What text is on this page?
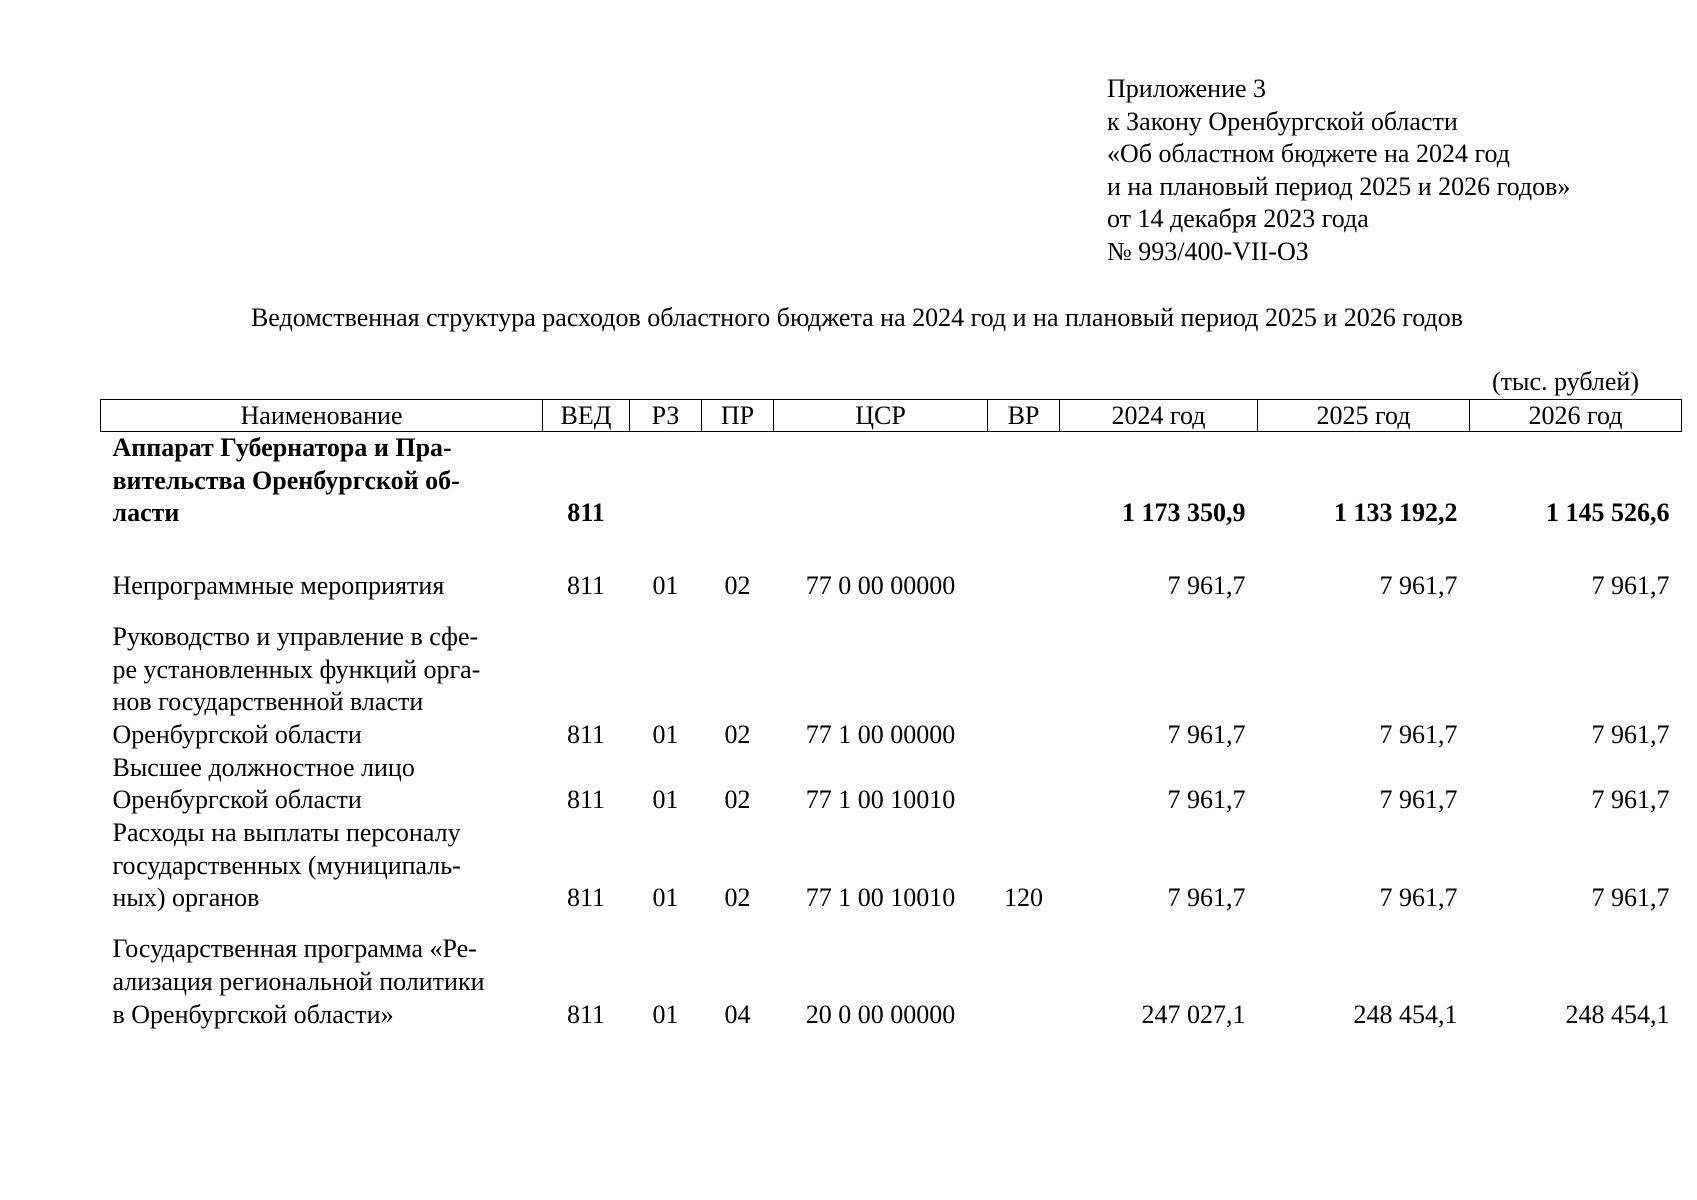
Приложение 3
к Закону Оренбургской области
«Об областном бюджете на 2024 год
и на плановый период 2025 и 2026 годов»
от 14 декабря 2023 года
№ 993/400-VII-ОЗ
Ведомственная структура расходов областного бюджета на 2024 год и на плановый период 2025 и 2026 годов
(тыс. рублей)
Наименование	ВЕД	РЗ	ПР	ЦСР	ВР	2024 год	2025 год	2026 год

Аппарат Губернатора и Пра-
вительства Оренбургской об-
ласти	811					1 173 350,9	1 133 192,2	1 145 526,6

Непрограммные мероприятия	811	01	02	77 0 00 00000		7 961,7	7 961,7	7 961,7

Руководство и управление в сфе-
ре установленных функций орга-
нов государственной власти
Оренбургской области	811	01	02	77 1 00 00000		7 961,7	7 961,7	7 961,7

Высшее должностное лицо
Оренбургской области	811	01	02	77 1 00 10010		7 961,7	7 961,7	7 961,7

Расходы на выплаты персоналу
государственных (муниципаль-
ных) органов	811	01	02	77 1 00 10010	120	7 961,7	7 961,7	7 961,7

Государственная программа «Ре-
ализация региональной политики
в Оренбургской области»	811	01	04	20 0 00 00000		247 027,1	248 454,1	248 454,1
